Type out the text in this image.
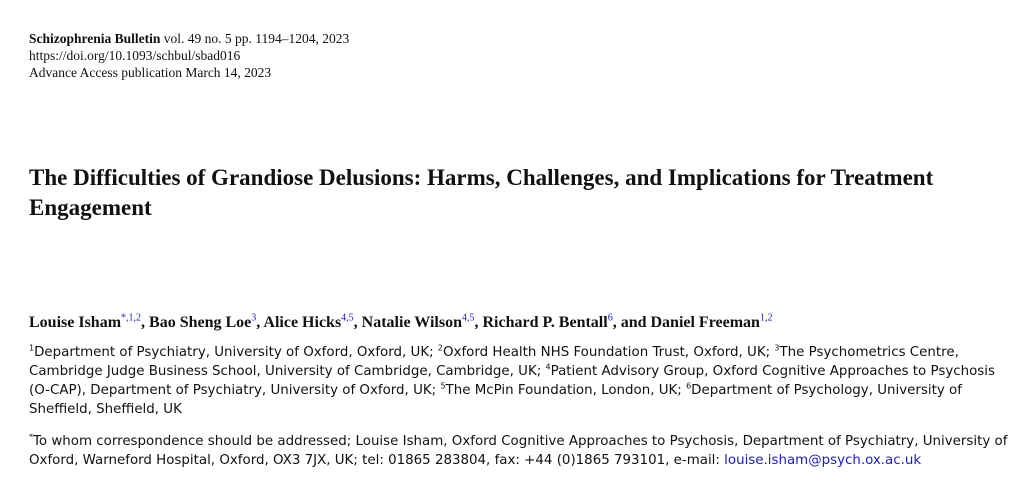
Schizophrenia Bulletin vol. 49 no. 5 pp. 1194–1204, 2023
https://doi.org/10.1093/schbul/sbad016
Advance Access publication March 14, 2023
The Difficulties of Grandiose Delusions: Harms, Challenges, and Implications for Treatment Engagement
Louise Isham$^{*,1,2}$, Bao Sheng Loe$^3$, Alice Hicks$^{4,5}$, Natalie Wilson$^{4,5}$, Richard P. Bentall$^6$, and Daniel Freeman$^{1,2}$

$^1$Department of Psychiatry, University of Oxford, Oxford, UK; $^2$Oxford Health NHS Foundation Trust, Oxford, UK; $^3$The Psychometrics Centre, Cambridge Judge Business School, University of Cambridge, Cambridge, UK; $^4$Patient Advisory Group, Oxford Cognitive Approaches to Psychosis (O-CAP), Department of Psychiatry, University of Oxford, UK; $^5$The McPin Foundation, London, UK; $^6$Department of Psychology, University of Sheffield, Sheffield, UK

*To whom correspondence should be addressed; Louise Isham, Oxford Cognitive Approaches to Psychosis, Department of Psychiatry, University of Oxford, Warneford Hospital, Oxford, OX3 7JX, UK; tel: 01865 283804, fax: +44 (0)1865 793101, e-mail: louise.isham@psych.ox.ac.uk
